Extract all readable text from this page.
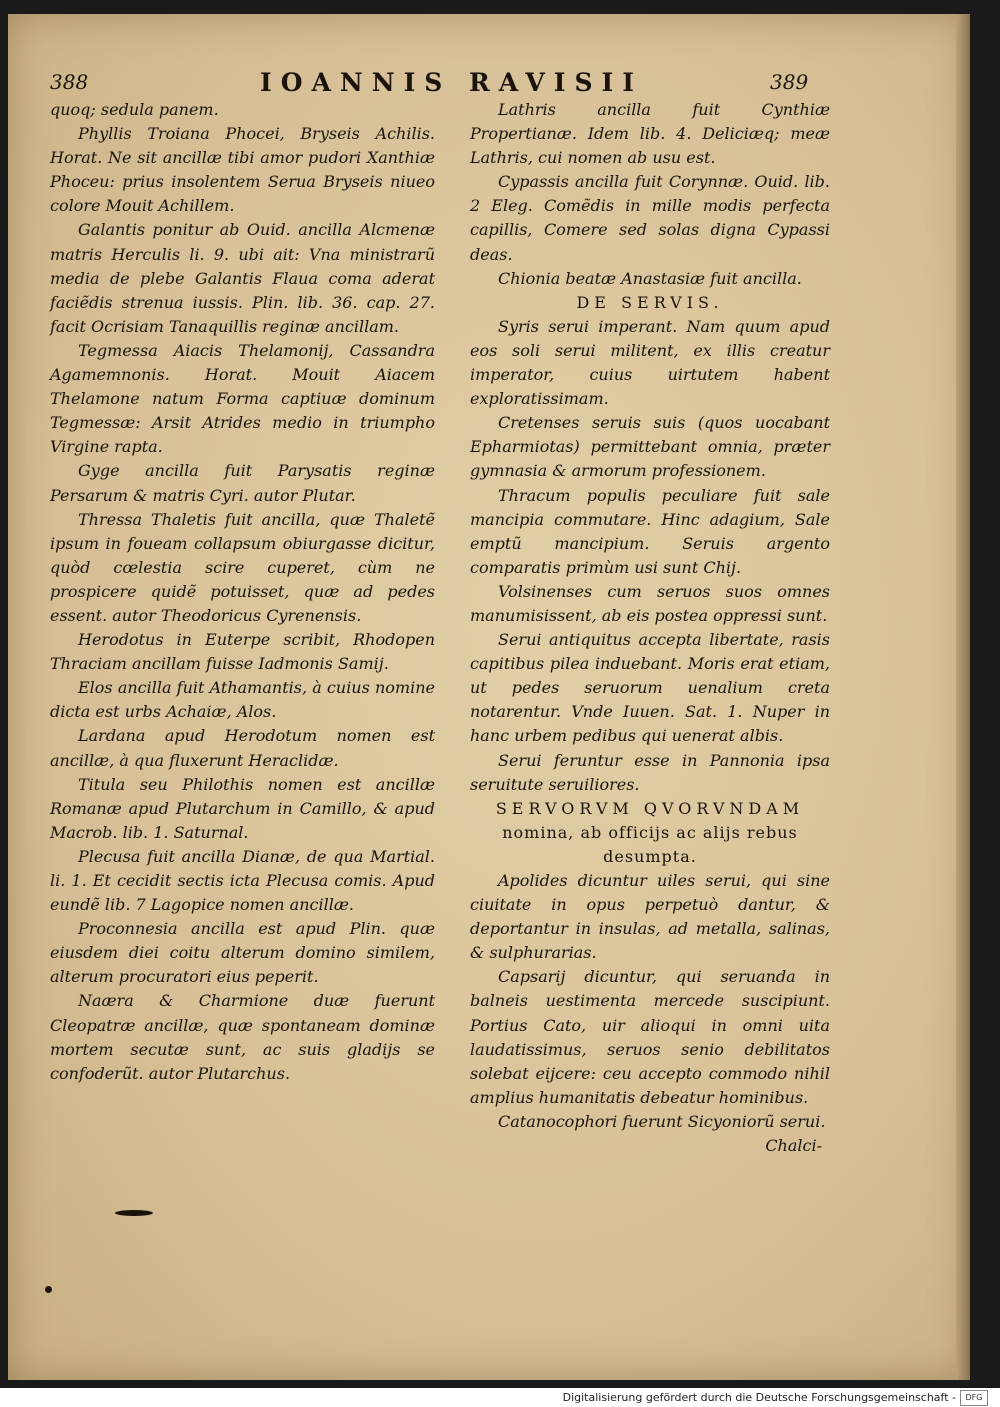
388	IOANNIS RAVISII	389

quoq; sedula panem.

Phyllis Troiana Phocei, Bryseis Achilis. Horat. Ne sit ancillæ tibi amor pudori Xanthiæ Phoceu: prius insolentem Serua Bryseis niueo colore Mouit Achillem.

Galantis ponitur ab Ouid. ancilla Alcmenæ matris Herculis li. 9. ubi ait: Vna ministrarũ media de plebe Galantis Flaua coma aderat faciẽdis strenua iussis. Plin. lib. 36. cap. 27. facit Ocrisiam Tanaquillis reginæ ancillam.

Tegmessa Aiacis Thelamonij, Cassandra Agamemnonis. Horat. Mouit Aiacem Thelamone natum Forma captiuæ dominum Tegmessæ: Arsit Atrides medio in triumpho Virgine rapta.

Gyge ancilla fuit Parysatis reginæ Persarum & matris Cyri. autor Plutar.

Thressa Thaletis fuit ancilla, quæ Thaletẽ ipsum in foueam collapsum obiurgasse dicitur, quòd cœlestia scire cuperet, cùm ne prospicere quidẽ potuisset, quæ ad pedes essent. autor Theodoricus Cyrenensis.

Herodotus in Euterpe scribit, Rhodopen Thraciam ancillam fuisse Iadmonis Samij.

Elos ancilla fuit Athamantis, à cuius nomine dicta est urbs Achaiæ, Alos.

Lardana apud Herodotum nomen est ancillæ, à qua fluxerunt Heraclidæ.

Titula seu Philothis nomen est ancillæ Romanæ apud Plutarchum in Camillo, & apud Macrob. lib. 1. Saturnal.

Plecusa fuit ancilla Dianæ, de qua Martial. li. 1. Et cecidit sectis icta Plecusa comis. Apud eundẽ lib. 7 Lagopice nomen ancillæ.

Proconnesia ancilla est apud Plin. quæ eiusdem diei coitu alterum domino similem, alterum procuratori eius peperit.

Naæra & Charmione duæ fuerunt Cleopatræ ancillæ, quæ spontaneam dominæ mortem secutæ sunt, ac suis gladijs se confoderũt. autor Plutarchus.

Lathris ancilla fuit Cynthiæ Propertianæ. Idem lib. 4. Deliciæq; meæ Lathris, cui nomen ab usu est.

Cypassis ancilla fuit Corynnæ. Ouid. lib. 2 Eleg. Comẽdis in mille modis perfecta capillis, Comere sed solas digna Cypassi deas.

Chionia beatæ Anastasiæ fuit ancilla.

DE SERVIS.

Syris serui imperant. Nam quum apud eos soli serui militent, ex illis creatur imperator, cuius uirtutem habent exploratissimam.

Cretenses seruis suis (quos uocabant Epharmiotas) permittebant omnia, præter gymnasia & armorum professionem.

Thracum populis peculiare fuit sale mancipia commutare. Hinc adagium, Sale emptũ mancipium. Seruis argento comparatis primùm usi sunt Chij.

Volsinenses cum seruos suos omnes manumisissent, ab eis postea oppressi sunt.

Serui antiquitus accepta libertate, rasis capitibus pilea induebant. Moris erat etiam, ut pedes seruorum uenalium creta notarentur. Vnde Iuuen. Sat. 1. Nuper in hanc urbem pedibus qui uenerat albis.

Serui feruntur esse in Pannonia ipsa seruitute seruiliores.

SERVORVM QVORVNDAM

nomina, ab officijs ac alijs rebus desumpta.

Apolides dicuntur uiles serui, qui sine ciuitate in opus perpetuò dantur, & deportantur in insulas, ad metalla, salinas, & sulphurarias.

Capsarij dicuntur, qui seruanda in balneis uestimenta mercede suscipiunt. Portius Cato, uir alioqui in omni uita laudatissimus, seruos senio debilitatos solebat eijcere: ceu accepto commodo nihil amplius humanitatis debeatur hominibus.

Catanocophori fuerunt Sicyoniorũ serui.

Chalci-

Digitalisierung gefördert durch die Deutsche Forschungsgemeinschaft -	DFG
